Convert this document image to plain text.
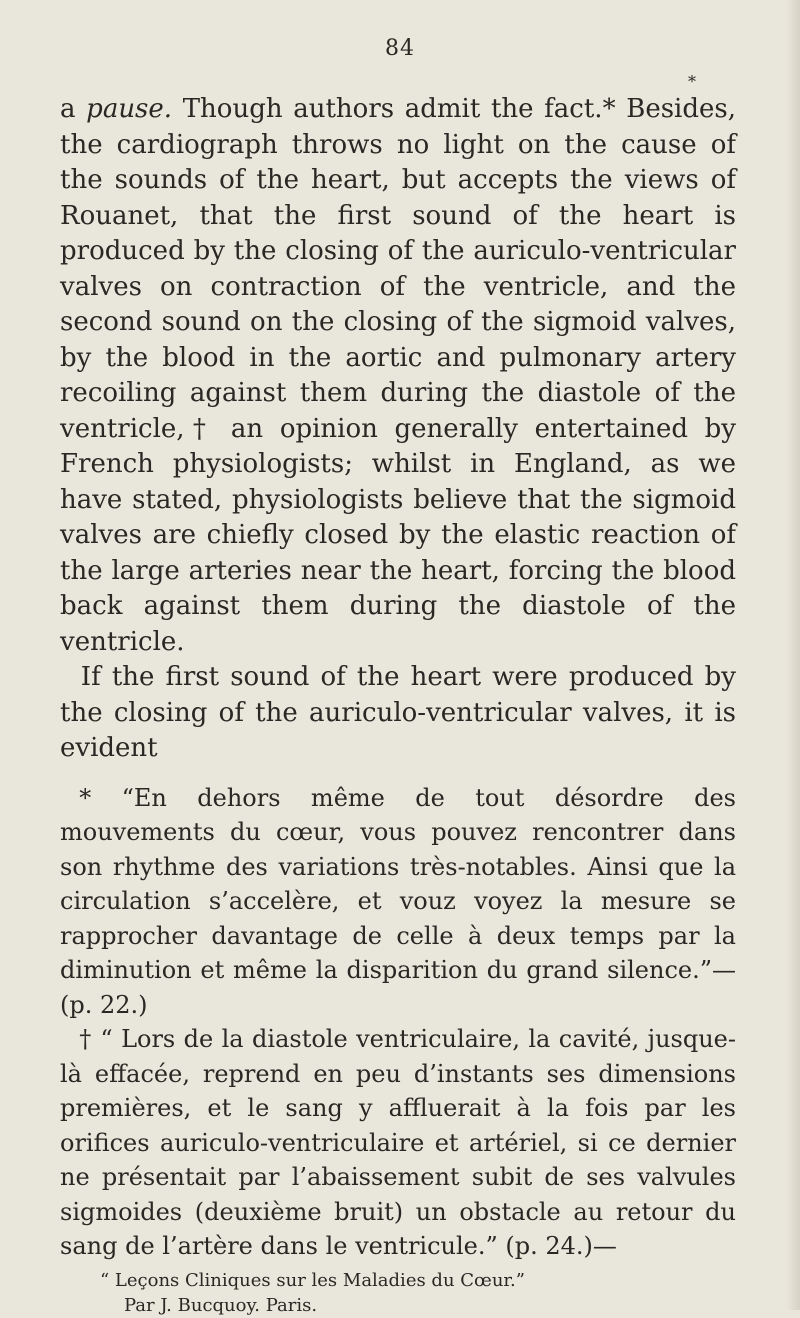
84
*

a pause. Though authors admit the fact.* Besides, the cardiograph throws no light on the cause of the sounds of the heart, but accepts the views of Rouanet, that the first sound of the heart is produced by the closing of the auriculo-ventricular valves on contraction of the ventricle, and the second sound on the closing of the sigmoid valves, by the blood in the aortic and pulmonary artery recoiling against them during the diastole of the ventricle,† an opinion generally entertained by French physiologists; whilst in England, as we have stated, physiologists believe that the sigmoid valves are chiefly closed by the elastic reaction of the large arteries near the heart, forcing the blood back against them during the diastole of the ventricle.

If the first sound of the heart were produced by the closing of the auriculo-ventricular valves, it is evident

* “En dehors même de tout désordre des mouvements du cœur, vous pouvez rencontrer dans son rhythme des variations très-notables. Ainsi que la circulation s’accelère, et vouz voyez la mesure se rapprocher davantage de celle à deux temps par la diminution et même la disparition du grand silence.”—(p. 22.)

† “ Lors de la diastole ventriculaire, la cavité, jusque-là effacée, reprend en peu d’instants ses dimensions premières, et le sang y affluerait à la fois par les orifices auriculo-ventriculaire et artériel, si ce dernier ne présentait par l’abaissement subit de ses valvules sigmoides (deuxième bruit) un obstacle au retour du sang de l’artère dans le ventricule.” (p. 24.)—

“ Leçons Cliniques sur les Maladies du Cœur.”

Par J. Bucquoy. Paris.
